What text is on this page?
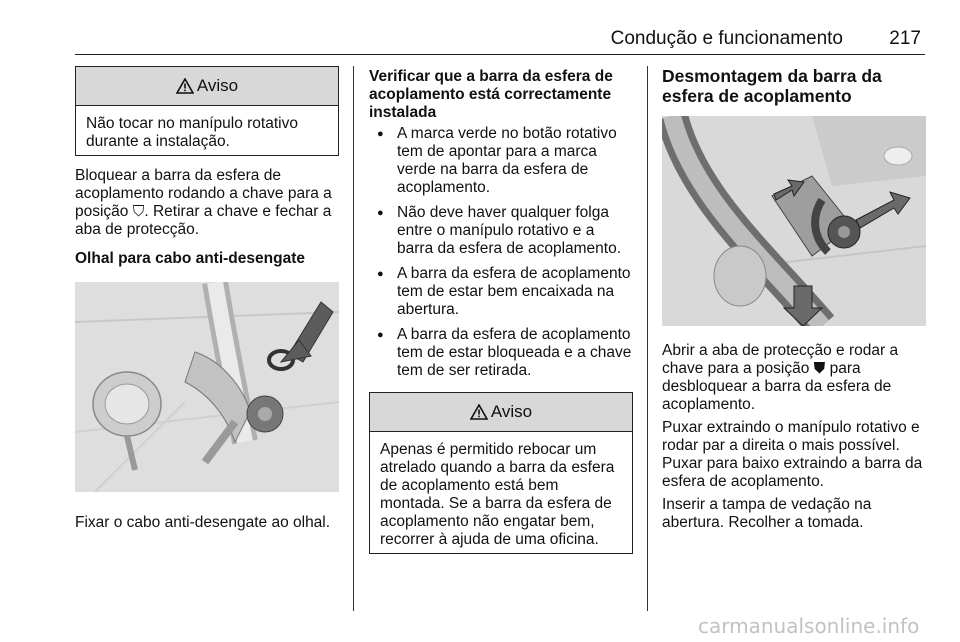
Condução e funcionamento 217
Aviso
Não tocar no manípulo rotativo durante a instalação.

Bloquear a barra da esfera de acoplamento rodando a chave para a posição ⛉. Retirar a chave e fechar a aba de protecção.

Olhal para cabo anti-desengate

Fixar o cabo anti-desengate ao olhal.

Verificar que a barra da esfera de acoplamento está correctamente instalada

● A marca verde no botão rotativo tem de apontar para a marca verde na barra da esfera de acoplamento.
● Não deve haver qualquer folga entre o manípulo rotativo e a barra da esfera de acoplamento.
● A barra da esfera de acoplamento tem de estar bem encaixada na abertura.
● A barra da esfera de acoplamento tem de estar bloqueada e a chave tem de ser retirada.
Aviso
Apenas é permitido rebocar um atrelado quando a barra da esfera de acoplamento está bem montada. Se a barra da esfera de acoplamento não engatar bem, recorrer à ajuda de uma oficina.
Desmontagem da barra da esfera de acoplamento

Abrir a aba de protecção e rodar a chave para a posição ⛊ para desbloquear a barra da esfera de acoplamento.

Puxar extraindo o manípulo rotativo e rodar par a direita o mais possível. Puxar para baixo extraindo a barra da esfera de acoplamento.

Inserir a tampa de vedação na abertura. Recolher a tomada.

carmanualsonline.info
